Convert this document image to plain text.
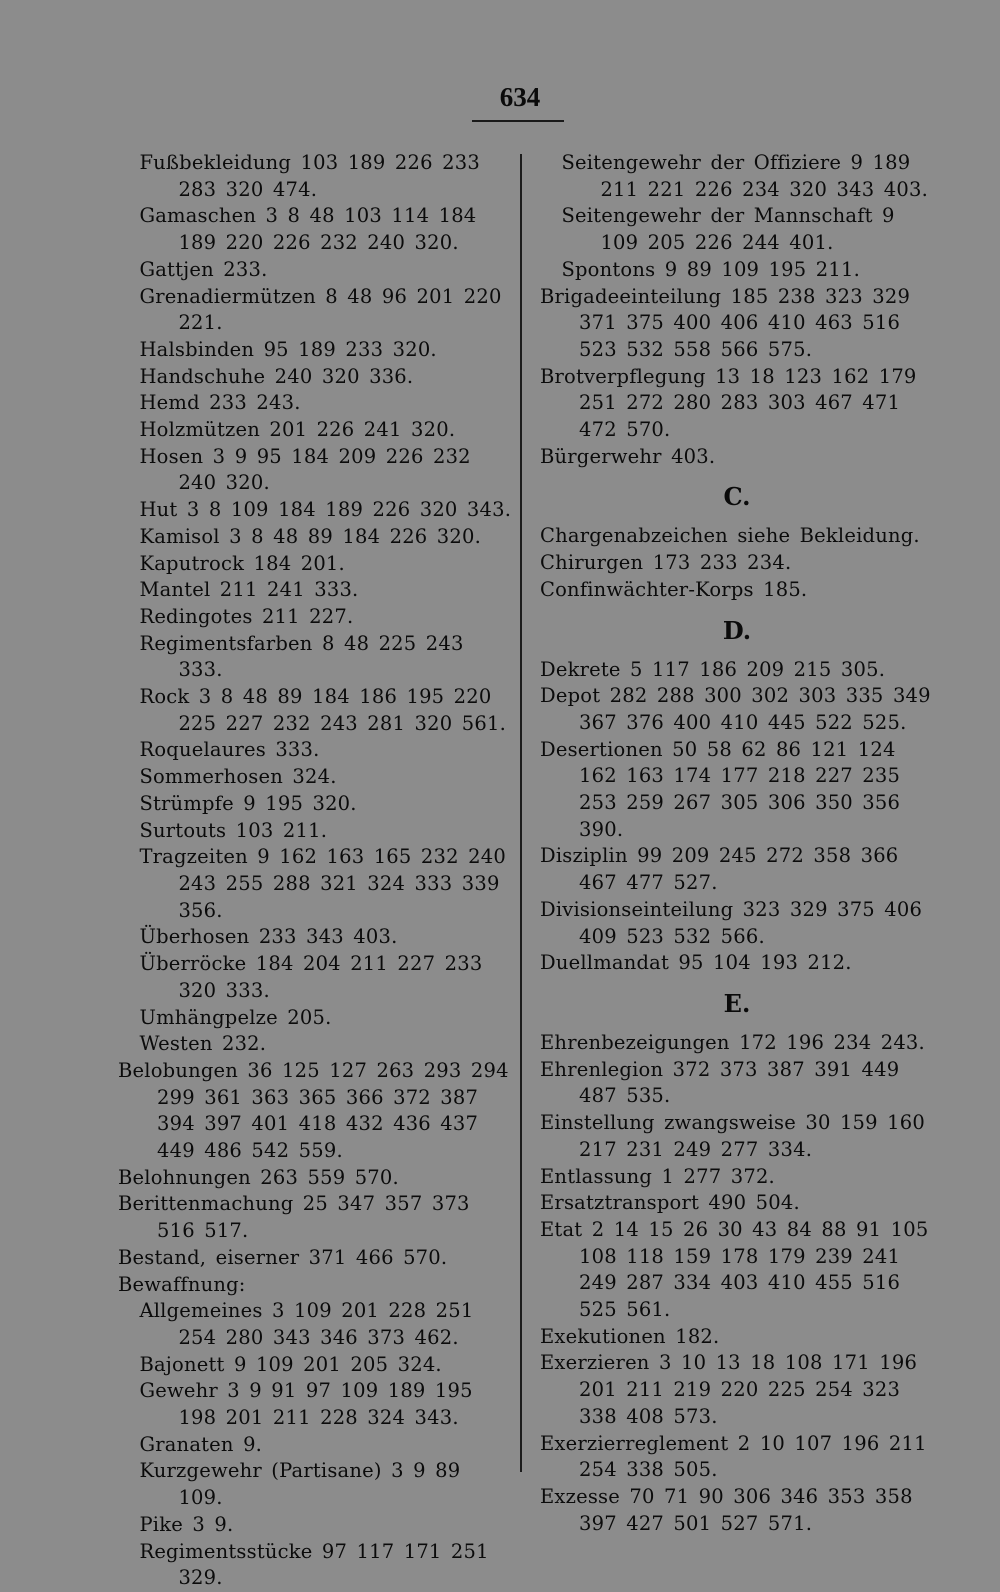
634
Fußbekleidung 103 189 226 233 283 320 474.
Gamaschen 3 8 48 103 114 184 189 220 226 232 240 320.
Gattjen 233.
Grenadiermützen 8 48 96 201 220 221.
Halsbinden 95 189 233 320.
Handschuhe 240 320 336.
Hemd 233 243.
Holzmützen 201 226 241 320.
Hosen 3 9 95 184 209 226 232 240 320.
Hut 3 8 109 184 189 226 320 343.
Kamisol 3 8 48 89 184 226 320.
Kaputrock 184 201.
Mantel 211 241 333.
Redingotes 211 227.
Regimentsfarben 8 48 225 243 333.
Rock 3 8 48 89 184 186 195 220 225 227 232 243 281 320 561.
Roquelaures 333.
Sommerhosen 324.
Strümpfe 9 195 320.
Surtouts 103 211.
Tragzeiten 9 162 163 165 232 240 243 255 288 321 324 333 339 356.
Überhosen 233 343 403.
Überröcke 184 204 211 227 233 320 333.
Umhängpelze 205.
Westen 232.
Belobungen 36 125 127 263 293 294 299 361 363 365 366 372 387 394 397 401 418 432 436 437 449 486 542 559.
Belohnungen 263 559 570.
Berittenmachung 25 347 357 373 516 517.
Bestand, eiserner 371 466 570.
Bewaffnung:
Allgemeines 3 109 201 228 251 254 280 343 346 373 462.
Bajonett 9 109 201 205 324.
Gewehr 3 9 91 97 109 189 195 198 201 211 228 324 343.
Granaten 9.
Kurzgewehr (Partisane) 3 9 89 109.
Pike 3 9.
Regimentsstücke 97 117 171 251 329.
Seitengewehr der Offiziere 9 189 211 221 226 234 320 343 403.
Seitengewehr der Mannschaft 9 109 205 226 244 401.
Spontons 9 89 109 195 211.
Brigadeeinteilung 185 238 323 329 371 375 400 406 410 463 516 523 532 558 566 575.
Brotverpflegung 13 18 123 162 179 251 272 280 283 303 467 471 472 570.
Bürgerwehr 403.
C.
Chargenabzeichen siehe Bekleidung.
Chirurgen 173 233 234.
Confinwächter-Korps 185.
D.
Dekrete 5 117 186 209 215 305.
Depot 282 288 300 302 303 335 349 367 376 400 410 445 522 525.
Desertionen 50 58 62 86 121 124 162 163 174 177 218 227 235 253 259 267 305 306 350 356 390.
Disziplin 99 209 245 272 358 366 467 477 527.
Divisionseinteilung 323 329 375 406 409 523 532 566.
Duellmandat 95 104 193 212.
E.
Ehrenbezeigungen 172 196 234 243.
Ehrenlegion 372 373 387 391 449 487 535.
Einstellung zwangsweise 30 159 160 217 231 249 277 334.
Entlassung 1 277 372.
Ersatztransport 490 504.
Etat 2 14 15 26 30 43 84 88 91 105 108 118 159 178 179 239 241 249 287 334 403 410 455 516 525 561.
Exekutionen 182.
Exerzieren 3 10 13 18 108 171 196 201 211 219 220 225 254 323 338 408 573.
Exerzierreglement 2 10 107 196 211 254 338 505.
Exzesse 70 71 90 306 346 353 358 397 427 501 527 571.
